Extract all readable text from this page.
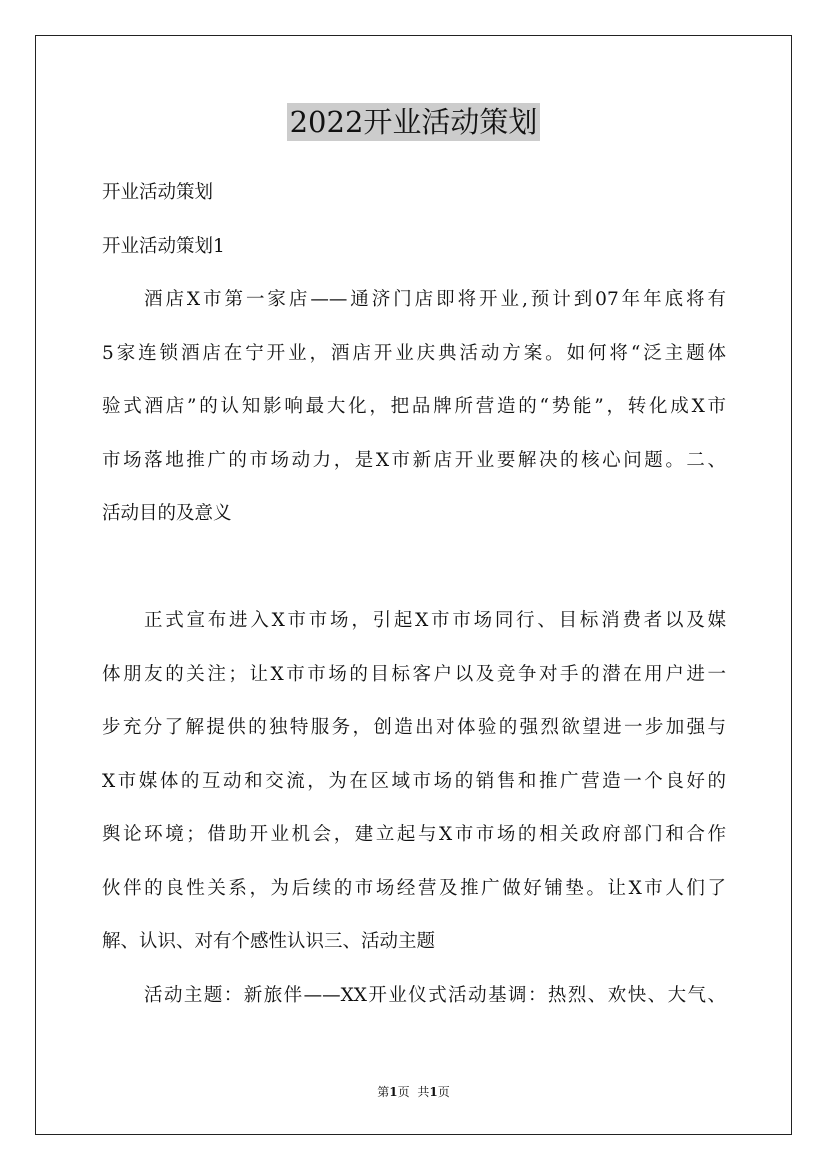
2022开业活动策划
开业活动策划
开业活动策划1
酒店X市第一家店——通济门店即将开业,预计到07年年底将有
5家连锁酒店在宁开业，酒店开业庆典活动方案。如何将“泛主题体
验式酒店”的认知影响最大化，把品牌所营造的“势能”，转化成X市
市场落地推广的市场动力，是X市新店开业要解决的核心问题。二、
活动目的及意义
正式宣布进入X市市场，引起X市市场同行、目标消费者以及媒
体朋友的关注；让X市市场的目标客户以及竞争对手的潜在用户进一
步充分了解提供的独特服务，创造出对体验的强烈欲望进一步加强与
X市媒体的互动和交流，为在区域市场的销售和推广营造一个良好的
舆论环境；借助开业机会，建立起与X市市场的相关政府部门和合作
伙伴的良性关系，为后续的市场经营及推广做好铺垫。让X市人们了
解、认识、对有个感性认识三、活动主题
活动主题：新旅伴——XX开业仪式活动基调：热烈、欢快、大气、
第1页 共1页
